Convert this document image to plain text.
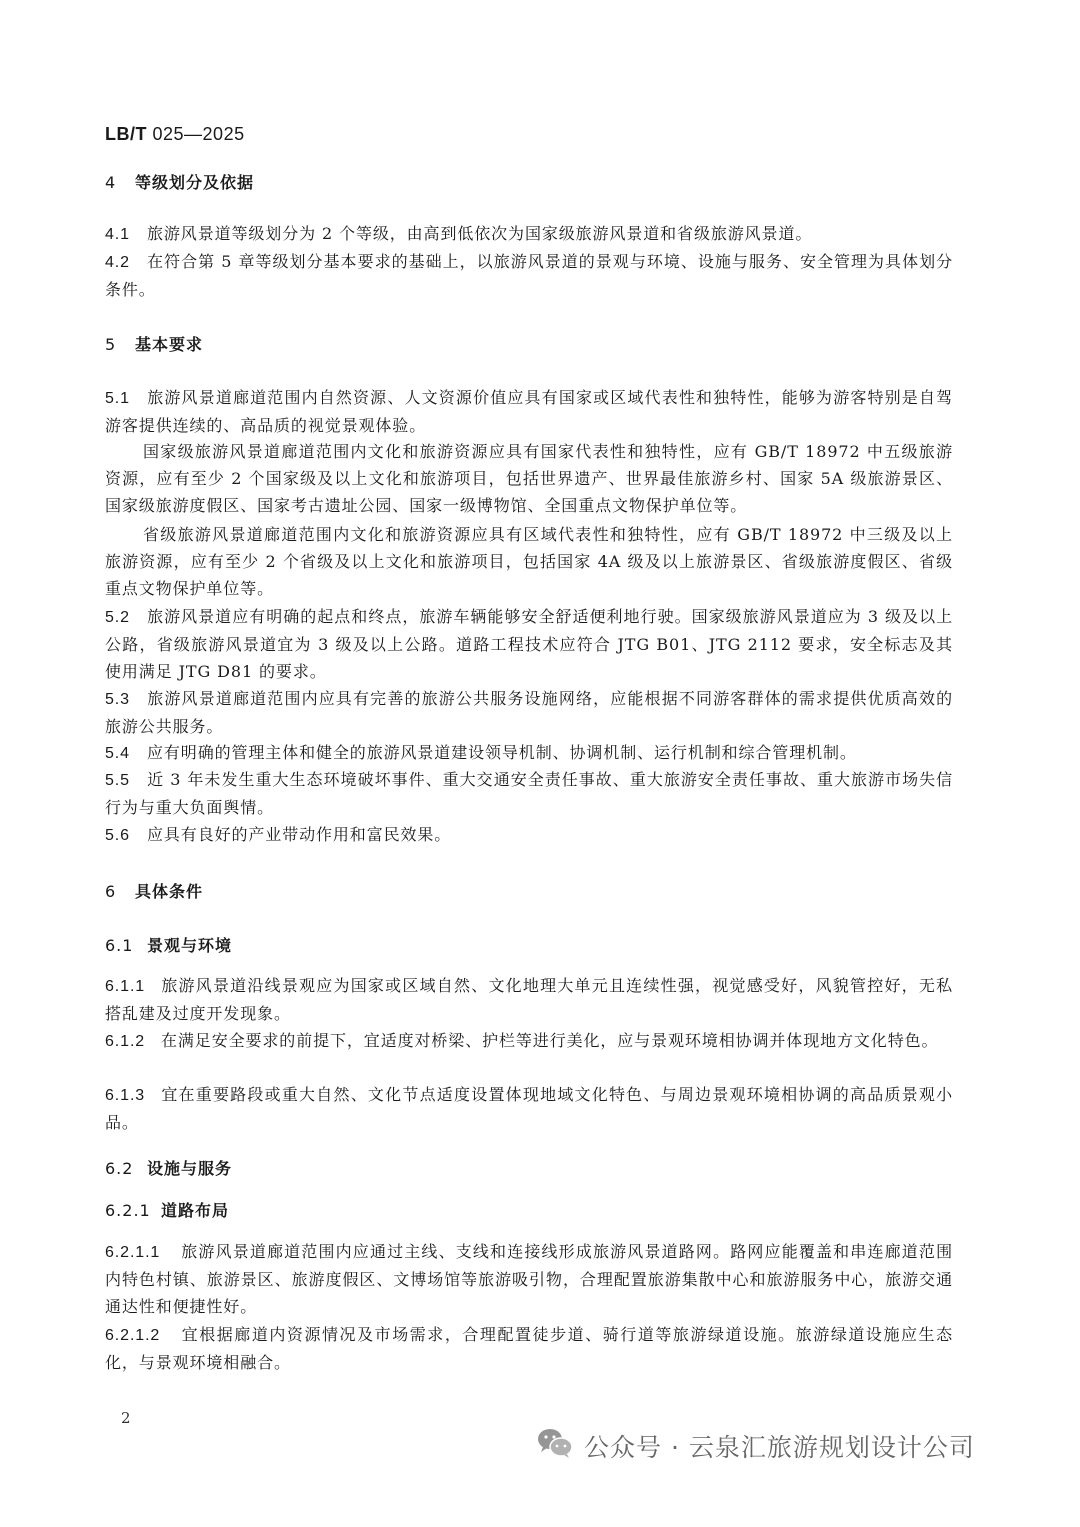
LB/T 025—2025
4 等级划分及依据
4.1 旅游风景道等级划分为 2 个等级，由高到低依次为国家级旅游风景道和省级旅游风景道。
4.2 在符合第 5 章等级划分基本要求的基础上，以旅游风景道的景观与环境、设施与服务、安全管理为具体划分条件。
5 基本要求
5.1 旅游风景道廊道范围内自然资源、人文资源价值应具有国家或区域代表性和独特性，能够为游客特别是自驾游客提供连续的、高品质的视觉景观体验。
国家级旅游风景道廊道范围内文化和旅游资源应具有国家代表性和独特性，应有 GB/T 18972 中五级旅游资源，应有至少 2 个国家级及以上文化和旅游项目，包括世界遗产、世界最佳旅游乡村、国家 5A 级旅游景区、国家级旅游度假区、国家考古遗址公园、国家一级博物馆、全国重点文物保护单位等。
省级旅游风景道廊道范围内文化和旅游资源应具有区域代表性和独特性，应有 GB/T 18972 中三级及以上旅游资源，应有至少 2 个省级及以上文化和旅游项目，包括国家 4A 级及以上旅游景区、省级旅游度假区、省级重点文物保护单位等。
5.2 旅游风景道应有明确的起点和终点，旅游车辆能够安全舒适便利地行驶。国家级旅游风景道应为 3 级及以上公路，省级旅游风景道宜为 3 级及以上公路。道路工程技术应符合 JTG B01、JTG 2112 要求，安全标志及其使用满足 JTG D81 的要求。
5.3 旅游风景道廊道范围内应具有完善的旅游公共服务设施网络，应能根据不同游客群体的需求提供优质高效的旅游公共服务。
5.4 应有明确的管理主体和健全的旅游风景道建设领导机制、协调机制、运行机制和综合管理机制。
5.5 近 3 年未发生重大生态环境破坏事件、重大交通安全责任事故、重大旅游安全责任事故、重大旅游市场失信行为与重大负面舆情。
5.6 应具有良好的产业带动作用和富民效果。
6 具体条件
6.1 景观与环境
6.1.1 旅游风景道沿线景观应为国家或区域自然、文化地理大单元且连续性强，视觉感受好，风貌管控好，无私搭乱建及过度开发现象。
6.1.2 在满足安全要求的前提下，宜适度对桥梁、护栏等进行美化，应与景观环境相协调并体现地方文化特色。
6.1.3 宜在重要路段或重大自然、文化节点适度设置体现地域文化特色、与周边景观环境相协调的高品质景观小品。
6.2 设施与服务
6.2.1 道路布局
6.2.1.1 旅游风景道廊道范围内应通过主线、支线和连接线形成旅游风景道路网。路网应能覆盖和串连廊道范围内特色村镇、旅游景区、旅游度假区、文博场馆等旅游吸引物，合理配置旅游集散中心和旅游服务中心，旅游交通通达性和便捷性好。
6.2.1.2 宜根据廊道内资源情况及市场需求，合理配置徒步道、骑行道等旅游绿道设施。旅游绿道设施应生态化，与景观环境相融合。
2
公众号 · 云泉汇旅游规划设计公司
